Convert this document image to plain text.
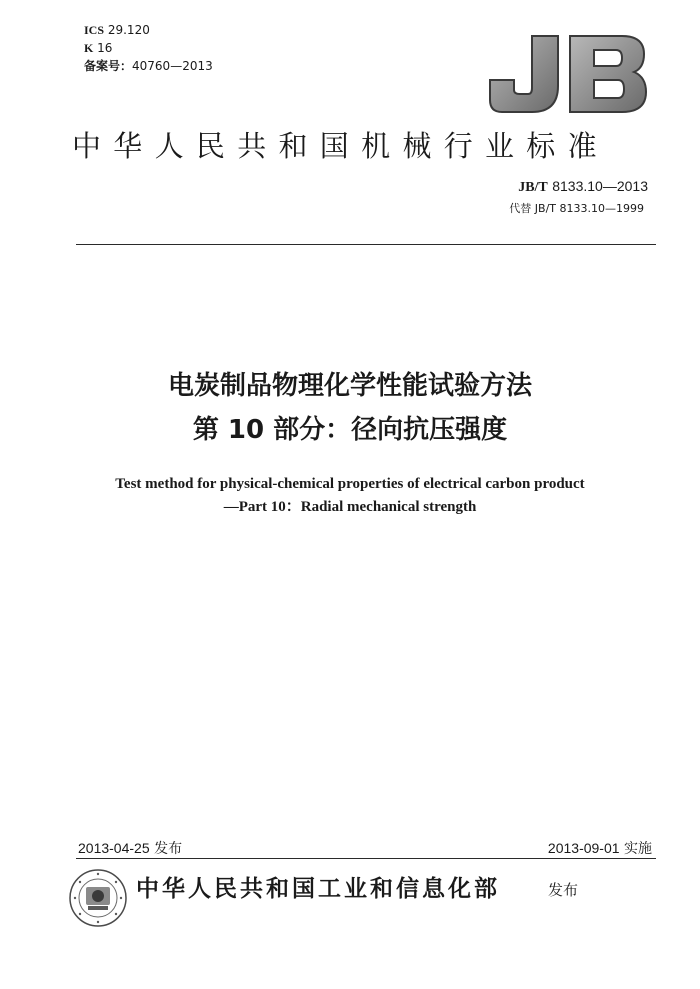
ICS 29.120
K 16
备案号：40760—2013
JB
中华人民共和国机械行业标准
JB/T 8133.10—2013
代替 JB/T 8133.10—1999
电炭制品物理化学性能试验方法
第 10 部分：径向抗压强度
Test method for physical-chemical properties of electrical carbon product
—Part 10：Radial mechanical strength
2013-04-25 发布	2013-09-01 实施
中华人民共和国工业和信息化部	发布
